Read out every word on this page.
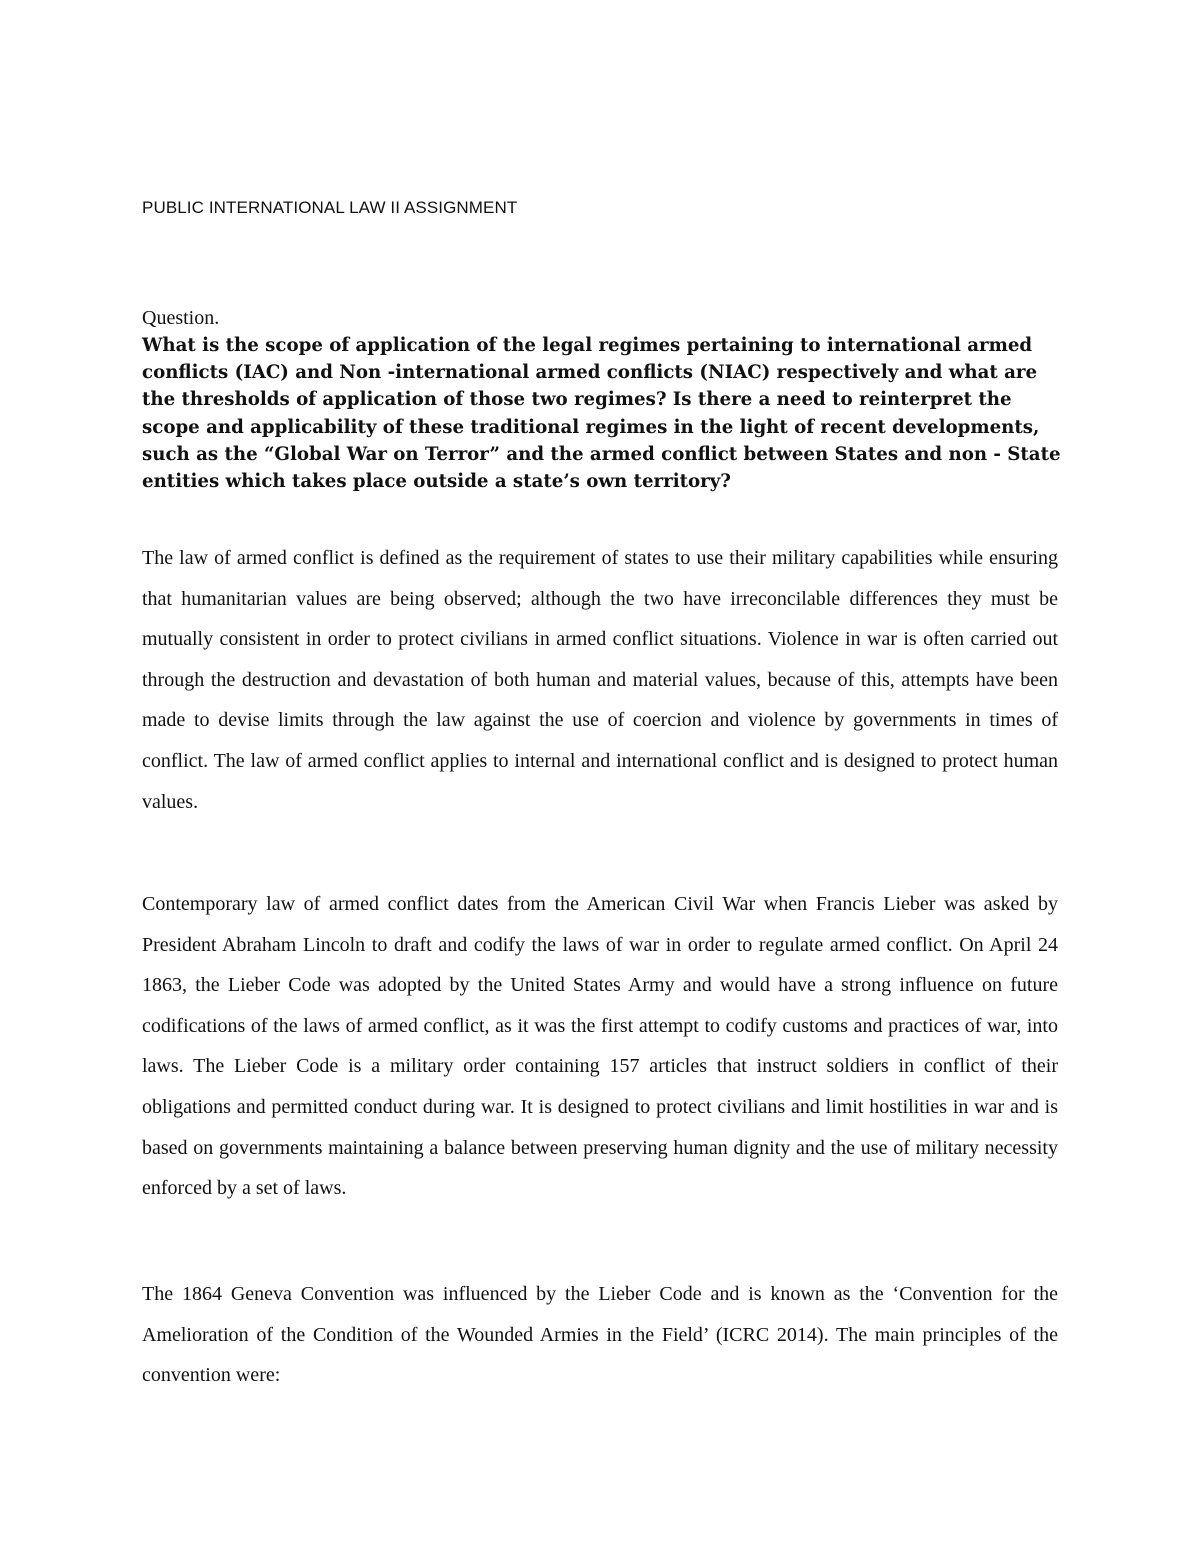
PUBLIC INTERNATIONAL LAW II ASSIGNMENT
Question.
What is the scope of application of the legal regimes pertaining to international armed conflicts (IAC) and Non -international armed conflicts (NIAC) respectively and what are the thresholds of application of those two regimes? Is there a need to reinterpret the scope and applicability of these traditional regimes in the light of recent developments, such as the “Global War on Terror” and the armed conflict between States and non - State entities which takes place outside a state’s own territory?

The law of armed conflict is defined as the requirement of states to use their military capabilities while ensuring that humanitarian values are being observed; although the two have irreconcilable differences they must be mutually consistent in order to protect civilians in armed conflict situations. Violence in war is often carried out through the destruction and devastation of both human and material values, because of this, attempts have been made to devise limits through the law against the use of coercion and violence by governments in times of conflict. The law of armed conflict applies to internal and international conflict and is designed to protect human values.

Contemporary law of armed conflict dates from the American Civil War when Francis Lieber was asked by President Abraham Lincoln to draft and codify the laws of war in order to regulate armed conflict. On April 24 1863, the Lieber Code was adopted by the United States Army and would have a strong influence on future codifications of the laws of armed conflict, as it was the first attempt to codify customs and practices of war, into laws. The Lieber Code is a military order containing 157 articles that instruct soldiers in conflict of their obligations and permitted conduct during war. It is designed to protect civilians and limit hostilities in war and is based on governments maintaining a balance between preserving human dignity and the use of military necessity enforced by a set of laws.

The 1864 Geneva Convention was influenced by the Lieber Code and is known as the ‘Convention for the Amelioration of the Condition of the Wounded Armies in the Field’ (ICRC 2014). The main principles of the convention were:
